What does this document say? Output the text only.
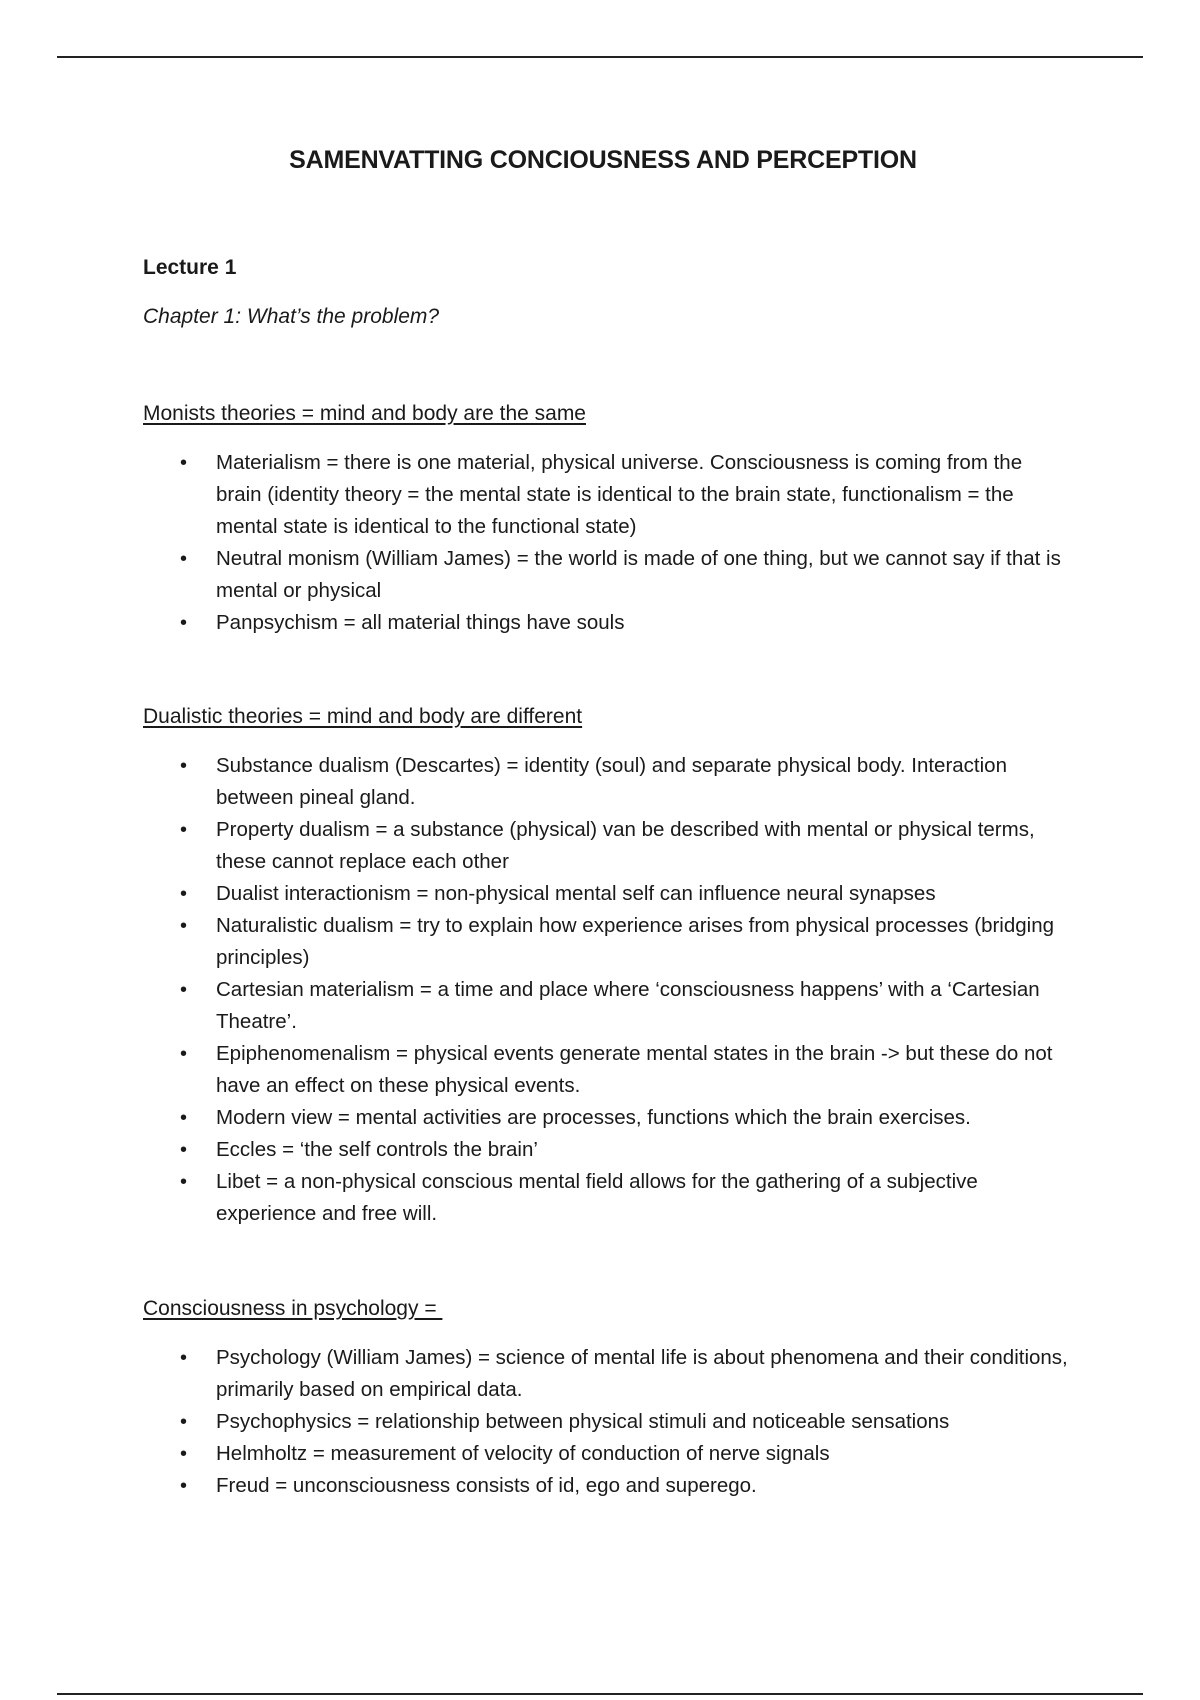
SAMENVATTING CONCIOUSNESS AND PERCEPTION

Lecture 1

Chapter 1: What’s the problem?

Monists theories = mind and body are the same

• Materialism = there is one material, physical universe. Consciousness is coming from the brain (identity theory = the mental state is identical to the brain state, functionalism = the mental state is identical to the functional state)
• Neutral monism (William James) = the world is made of one thing, but we cannot say if that is mental or physical
• Panpsychism = all material things have souls

Dualistic theories = mind and body are different

• Substance dualism (Descartes) = identity (soul) and separate physical body. Interaction between pineal gland.
• Property dualism = a substance (physical) van be described with mental or physical terms, these cannot replace each other
• Dualist interactionism = non-physical mental self can influence neural synapses
• Naturalistic dualism = try to explain how experience arises from physical processes (bridging principles)
• Cartesian materialism = a time and place where ‘consciousness happens’ with a ‘Cartesian Theatre’.
• Epiphenomenalism = physical events generate mental states in the brain -> but these do not have an effect on these physical events.
• Modern view = mental activities are processes, functions which the brain exercises.
• Eccles = ‘the self controls the brain’
• Libet = a non-physical conscious mental field allows for the gathering of a subjective experience and free will.

Consciousness in psychology =

• Psychology (William James) = science of mental life is about phenomena and their conditions, primarily based on empirical data.
• Psychophysics = relationship between physical stimuli and noticeable sensations
• Helmholtz = measurement of velocity of conduction of nerve signals
• Freud = unconsciousness consists of id, ego and superego.
